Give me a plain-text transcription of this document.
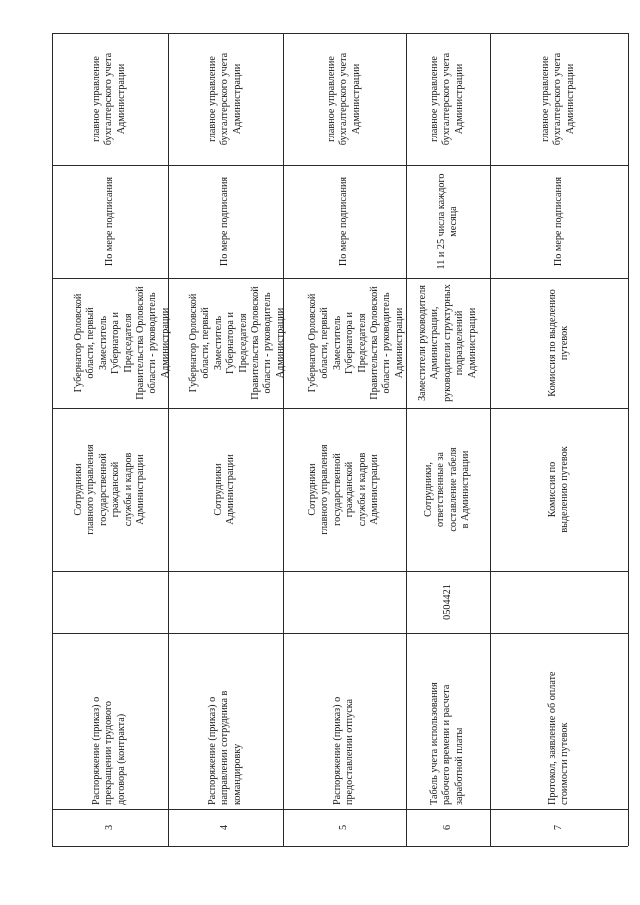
3
Распоряжение (приказ) о
прекращении трудового
договора (контракта)
Сотрудники
главного управления
государственной
гражданской
службы и кадров
Администрации
Губернатор Орловской
области, первый Заместитель
Губернатора и Председателя
Правительства Орловской
области - руководитель
Администрации
По мере подписания
главное управление
бухгалтерского учета
Администрации
4
Распоряжение (приказ) о
направлении сотрудника в
командировку
Сотрудники
Администрации
Губернатор Орловской
области, первый Заместитель
Губернатора и Председателя
Правительства Орловской
области - руководитель
Администрации
По мере подписания
главное управление
бухгалтерского учета
Администрации
5
Распоряжение (приказ) о
предоставлении отпуска
Сотрудники
главного управления
государственной
гражданской
службы и кадров
Администрации
Губернатор Орловской
области, первый Заместитель
Губернатора и Председателя
Правительства Орловской
области - руководитель
Администрации
По мере подписания
главное управление
бухгалтерского учета
Администрации
6
Табель учета использования
рабочего времени и расчета
заработной платы
0504421
Сотрудники,
ответственные за
составление табеля
в Администрации
Заместители руководителя
Администрации,
руководители структурных
подразделений
Администрации
11 и 25 числа каждого
месяца
главное управление
бухгалтерского учета
Администрации
7
Протокол, заявление об оплате
стоимости путевок
Комиссия по
выделению путевок
Комиссия по выделению
путевок
По мере подписания
главное управление
бухгалтерского учета
Администрации
